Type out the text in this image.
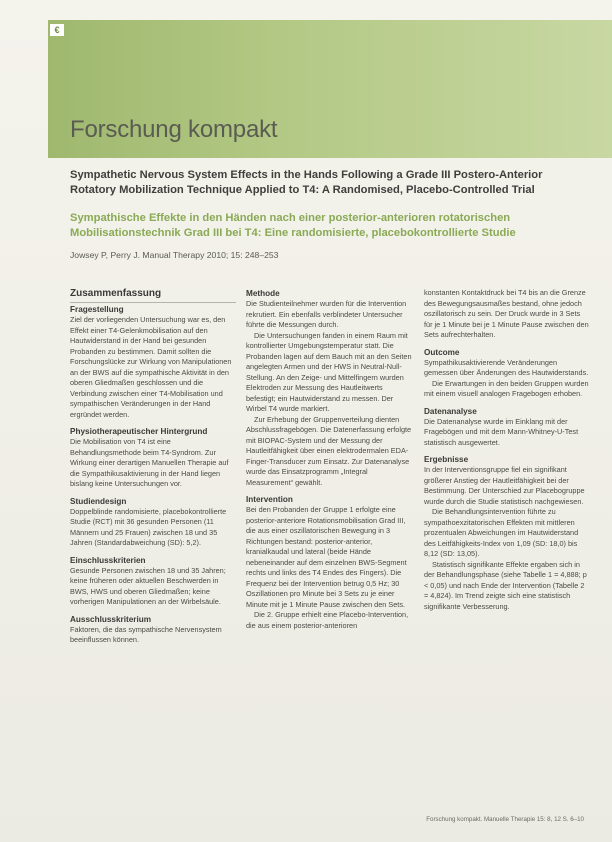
€
Forschung kompakt
Sympathetic Nervous System Effects in the Hands Following a Grade III Postero-Anterior Rotatory Mobilization Technique Applied to T4: A Randomised, Placebo-Controlled Trial
Sympathische Effekte in den Händen nach einer posterior-anterioren rotatorischen Mobilisationstechnik Grad III bei T4: Eine randomisierte, placebokontrollierte Studie
Jowsey P, Perry J. Manual Therapy 2010; 15: 248–253
Zusammenfassung
Fragestellung

Ziel der vorliegenden Untersuchung war es, den Effekt einer T4-Gelenkmobilisation auf den Hautwiderstand in der Hand bei gesunden Probanden zu bestimmen. Damit sollten die Forschungslücke zur Wirkung von Manipulationen an der BWS auf die sympathische Aktivität in den oberen Gliedmaßen geschlossen und die Verbindung zwischen einer T4-Mobilisation und sympathischen Veränderungen in der Hand ergründet werden.

Physiotherapeutischer Hintergrund

Die Mobilisation von T4 ist eine Behandlungsmethode beim T4-Syndrom. Zur Wirkung einer derartigen Manuellen Therapie auf die Sympathikusaktivierung in der Hand liegen bislang keine Untersuchungen vor.

Studiendesign

Doppelblinde randomisierte, placebokontrollierte Studie (RCT) mit 36 gesunden Personen (11 Männern und 25 Frauen) zwischen 18 und 35 Jahren (Standardabweichung (SD): 5,2).

Einschlusskriterien

Gesunde Personen zwischen 18 und 35 Jahren; keine früheren oder aktuellen Beschwerden in BWS, HWS und oberen Gliedmaßen; keine vorherigen Manipulationen an der Wirbelsäule.

Ausschlusskriterium

Faktoren, die das sympathische Nervensystem beeinflussen können.

Methode

Die Studienteilnehmer wurden für die Intervention rekrutiert. Ein ebenfalls verblindeter Untersucher führte die Messungen durch.

Die Untersuchungen fanden in einem Raum mit kontrollierter Umgebungstemperatur statt. Die Probanden lagen auf dem Bauch mit an den Seiten angelegten Armen und der HWS in Neutral-Null-Stellung. An den Zeige- und Mittelfingern wurden Elektroden zur Messung des Hautleitwerts befestigt; ein Hautwiderstand zu messen. Der Wirbel T4 wurde markiert.

Zur Erhebung der Gruppenverteilung dienten Abschlussfragebögen. Die Datenerfassung erfolgte mit BIOPAC-System und der Messung der Hautleitfähigkeit über einen elektrodermalen EDA-Finger-Transducer zum Einsatz. Zur Datenanalyse wurde das Einsatzprogramm „Integral Measurement“ gewählt.

Intervention

Bei den Probanden der Gruppe 1 erfolgte eine posterior-anteriore Rotationsmobilisation Grad III, die aus einer oszillatorischen Bewegung in 3 Richtungen bestand: posterior-anterior, kranialkaudal und lateral (beide Hände nebeneinander auf dem einzelnen BWS-Segment rechts und links des T4 Endes des Fingers). Die Frequenz bei der Intervention betrug 0,5 Hz; 30 Oszillationen pro Minute bei 3 Sets zu je einer Minute mit je 1 Minute Pause zwischen den Sets.

Die 2. Gruppe erhielt eine Placebo-Intervention, die aus einem posterior-anterioren

konstanten Kontaktdruck bei T4 bis an die Grenze des Bewegungsausmaßes bestand, ohne jedoch oszillatorisch zu sein. Der Druck wurde in 3 Sets für je 1 Minute bei je 1 Minute Pause zwischen den Sets aufrechterhalten.

Outcome

Sympathikusaktivierende Veränderungen gemessen über Änderungen des Hautwiderstands.

Die Erwartungen in den beiden Gruppen wurden mit einem visuell analogen Fragebogen erhoben.

Datenanalyse

Die Datenanalyse wurde im Einklang mit der Fragebögen und mit dem Mann-Whitney-U-Test statistisch ausgewertet.

Ergebnisse

In der Interventionsgruppe fiel ein signifikant größerer Anstieg der Hautleitfähigkeit bei der Bestimmung. Der Unterschied zur Placebogruppe wurde durch die Studie statistisch nachgewiesen.

Die Behandlungsintervention führte zu sympathoexzitatorischen Effekten mit mittleren prozentualen Abweichungen im Hautwiderstand des Leitfähigkeits-Index von 1,09 (SD: 18,0) bis 8,12 (SD: 13,05).

Statistisch signifikante Effekte ergaben sich in der Behandlungsphase (siehe Tabelle 1 = 4,888; p < 0,05) und nach Ende der Intervention (Tabelle 2 = 4,824). Im Trend zeigte sich eine statistisch signifikante Verbesserung.

Forschung kompakt. Manuelle Therapie 15: 8, 12 S. 6–10
